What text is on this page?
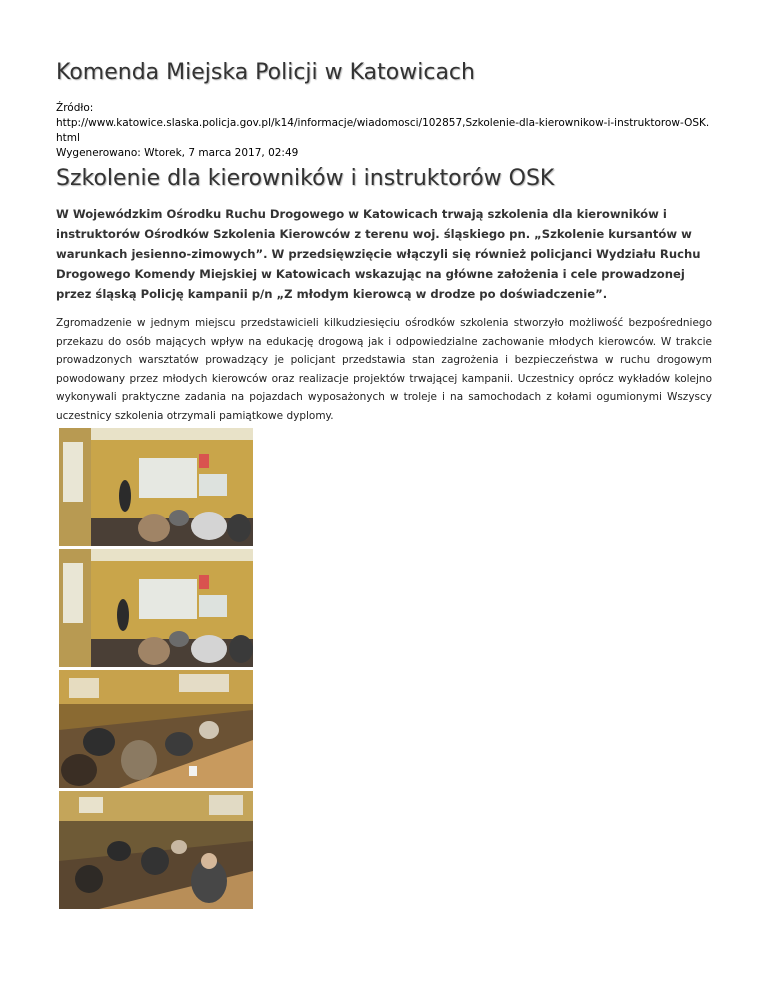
Komenda Miejska Policji w Katowicach
Źródło:
http://www.katowice.slaska.policja.gov.pl/k14/informacje/wiadomosci/102857,Szkolenie-dla-kierownikow-i-instruktorow-OSK.html
Wygenerowano: Wtorek, 7 marca 2017, 02:49
Szkolenie dla kierowników i instruktorów OSK

W Wojewódzkim Ośrodku Ruchu Drogowego w Katowicach trwają szkolenia dla kierowników i instruktorów Ośrodków Szkolenia Kierowców z terenu woj. śląskiego pn. „Szkolenie kursantów w warunkach jesienno-zimowych”. W przedsięwzięcie włączyli się również policjanci Wydziału Ruchu Drogowego Komendy Miejskiej w Katowicach wskazując na główne założenia i cele prowadzonej przez śląską Policję kampanii p/n „Z młodym kierowcą w drodze po doświadczenie”.

Zgromadzenie w jednym miejscu przedstawicieli kilkudziesięciu ośrodków szkolenia stworzyło możliwość bezpośredniego przekazu do osób mających wpływ na edukację drogową jak i odpowiedzialne zachowanie młodych kierowców. W trakcie prowadzonych warsztatów prowadzący je policjant przedstawia stan zagrożenia i bezpieczeństwa w ruchu drogowym powodowany przez młodych kierowców oraz realizacje projektów trwającej kampanii. Uczestnicy oprócz wykładów kolejno wykonywali praktyczne zadania na pojazdach wyposażonych w troleje i na samochodach z kołami ogumionymi Wszyscy uczestnicy szkolenia otrzymali pamiątkowe dyplomy.
